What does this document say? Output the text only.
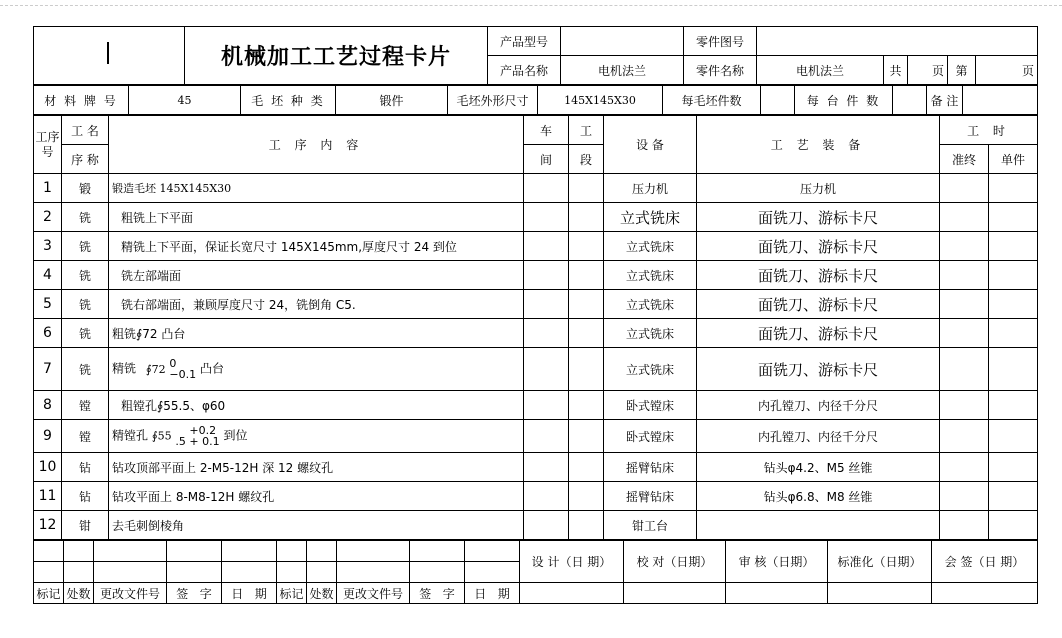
	机械加工工艺过程卡片	产品型号		零件图号					
		产品名称	电机法兰	零件名称	电机法兰	共	页	第	页
材 料 牌 号	45	毛 坯 种 类	锻件	毛坯外形尺寸	145X145X30	每毛坯件数		每 台 件 数		备 注	
工序号	工 名	工 序 内 容	车	工	设 备	工 艺 装 备	工 时	
	序 称		间	段			准终	单件
1	锻	锻造毛坯 145X145X30			压力机	压力机		
2	铣	粗铣上下平面			立式铣床	面铣刀、游标卡尺		
3	铣	精铣上下平面，保证长宽尺寸 145X145mm,厚度尺寸 24 到位			立式铣床	面铣刀、游标卡尺		
4	铣	铣左部端面			立式铣床	面铣刀、游标卡尺		
5	铣	铣右部端面，兼顾厚度尺寸 24，铣倒角 C5.			立式铣床	面铣刀、游标卡尺		
6	铣	粗铣∮72 凸台			立式铣床	面铣刀、游标卡尺		
7	铣	精铣 ∮72 0
−0.1 凸台			立式铣床	面铣刀、游标卡尺		
8	镗	粗镗孔∮55.5、φ60			卧式镗床	内孔镗刀、内径千分尺		
9	镗	精镗孔 ∮55 +0.2
.5 + 0.1 到位			卧式镗床	内孔镗刀、内径千分尺		
10	钻	钻攻顶部平面上 2-M5-12H 深 12 螺纹孔			摇臂钻床	钻头φ4.2、M5 丝锥		
11	钻	钻攻平面上 8-M8-12H 螺纹孔			摇臂钻床	钻头φ6.8、M8 丝锥		
12	钳	去毛刺倒棱角			钳工台			
										设 计（日 期）	校 对（日期）	审 核（日期）	标准化（日期）	会 签（日 期）

标记	处数	更改文件号	签   字	日   期	标记	处数	更改文件号	签   字	日   期					
